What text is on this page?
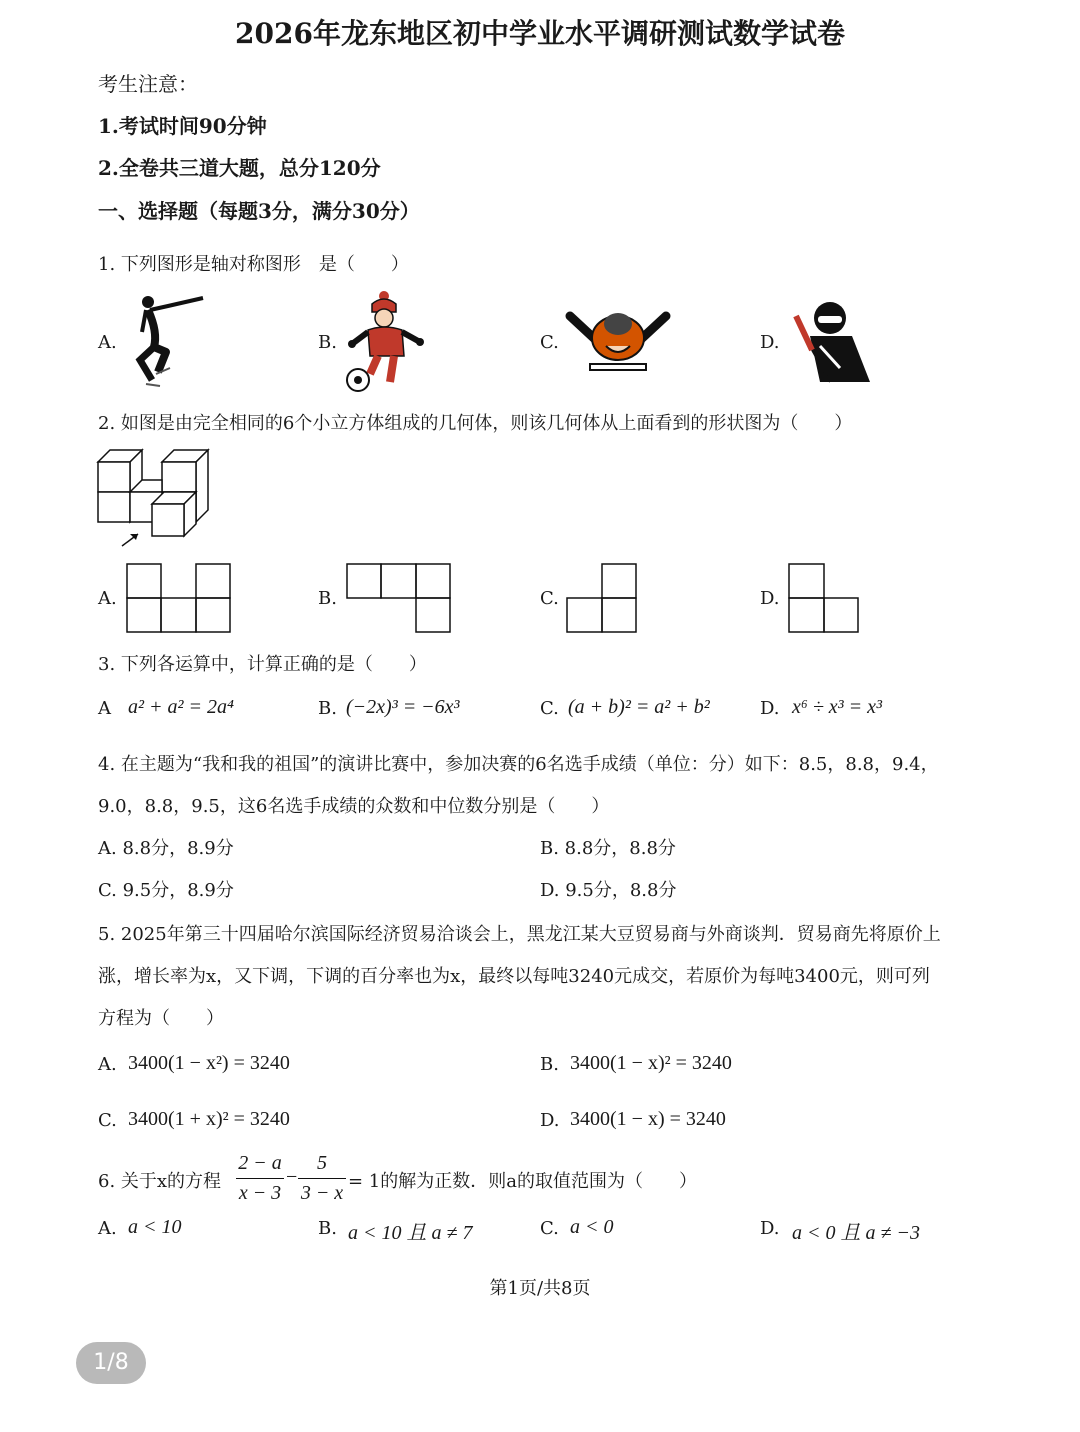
2026年龙东地区初中学业水平调研测试数学试卷
考生注意：
1.考试时间90分钟
2.全卷共三道大题，总分120分
一、选择题（每题3分，满分30分）
1. 下列图形是轴对称图形　是（　　）
A.	B.	C.	D.
2. 如图是由完全相同的6个小立方体组成的几何体，则该几何体从上面看到的形状图为（　　）
A.	B.	C.	D.
3. 下列各运算中，计算正确的是（　　）
A a² + a² = 2a⁴	B. (−2x)³ = −6x³	C. (a + b)² = a² + b²	D. x⁶ ÷ x³ = x³
4. 在主题为“我和我的祖国”的演讲比赛中，参加决赛的6名选手成绩（单位：分）如下：8.5，8.8，9.4，
9.0，8.8，9.5，这6名选手成绩的众数和中位数分别是（　　）
A. 8.8分，8.9分	B. 8.8分，8.8分
C. 9.5分，8.9分	D. 9.5分，8.8分
5. 2025年第三十四届哈尔滨国际经济贸易洽谈会上，黑龙江某大豆贸易商与外商谈判．贸易商先将原价上
涨，增长率为x，又下调，下调的百分率也为x，最终以每吨3240元成交，若原价为每吨3400元，则可列
方程为（　　）
A. 3400(1 − x²) = 3240	B. 3400(1 − x)² = 3240
C. 3400(1 + x)² = 3240	D. 3400(1 − x) = 3240
6. 关于x的方程
2 − a
x − 3
−
5
3 − x
= 1的解为正数．则a的取值范围为（　　）
A. a < 10	B. a < 10 且 a ≠ 7	C. a < 0	D. a < 0 且 a ≠ −3
第1页/共8页
1/8
